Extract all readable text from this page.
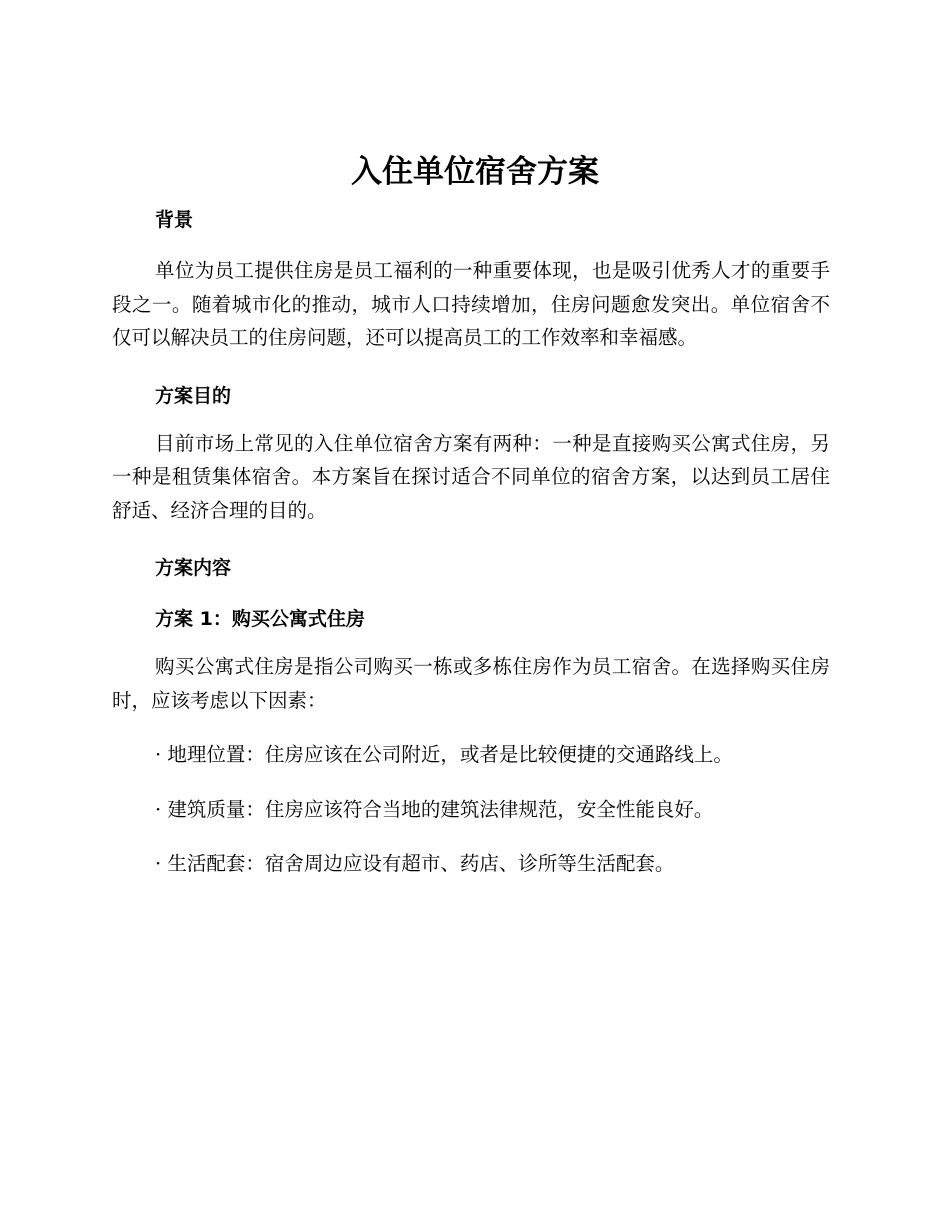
入住单位宿舍方案

背景

单位为员工提供住房是员工福利的一种重要体现，也是吸引优秀人才的重要手段之一。随着城市化的推动，城市人口持续增加，住房问题愈发突出。单位宿舍不仅可以解决员工的住房问题，还可以提高员工的工作效率和幸福感。

方案目的

目前市场上常见的入住单位宿舍方案有两种：一种是直接购买公寓式住房，另一种是租赁集体宿舍。本方案旨在探讨适合不同单位的宿舍方案，以达到员工居住舒适、经济合理的目的。

方案内容

方案 1：购买公寓式住房

购买公寓式住房是指公司购买一栋或多栋住房作为员工宿舍。在选择购买住房时，应该考虑以下因素：

· 地理位置：住房应该在公司附近，或者是比较便捷的交通路线上。

· 建筑质量：住房应该符合当地的建筑法律规范，安全性能良好。

· 生活配套：宿舍周边应设有超市、药店、诊所等生活配套。
